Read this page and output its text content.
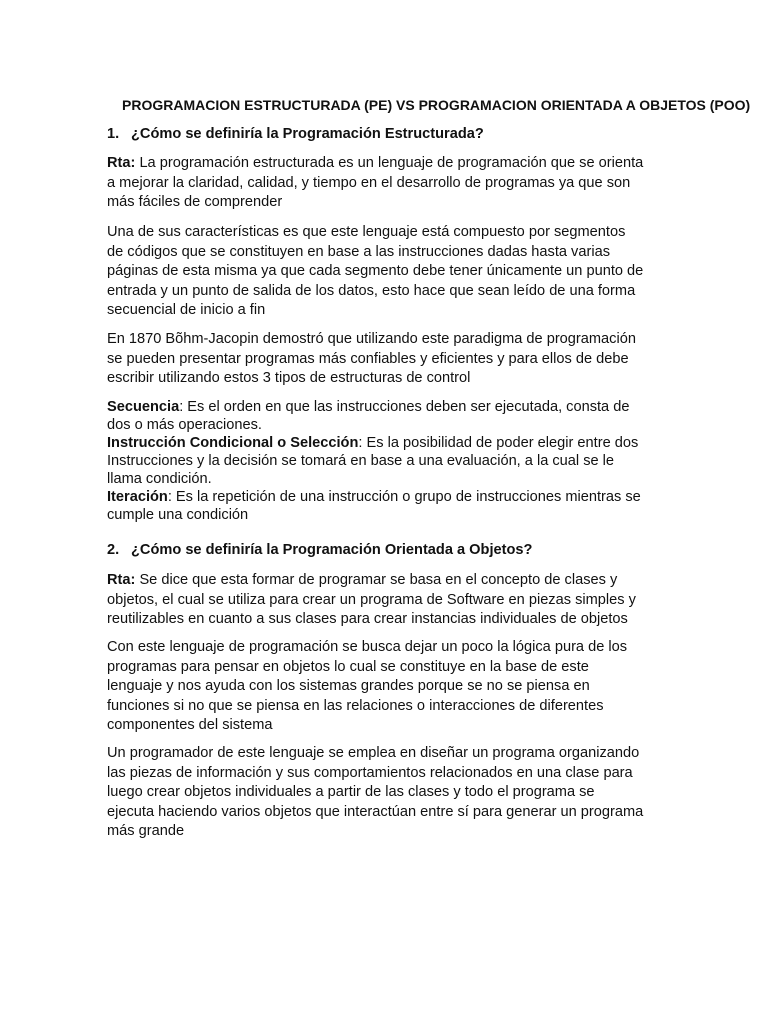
PROGRAMACION ESTRUCTURADA (PE) VS PROGRAMACION ORIENTADA A OBJETOS (POO)
1. ¿Cómo se definiría la Programación Estructurada?
Rta: La programación estructurada es un lenguaje de programación que se orienta
a mejorar la claridad, calidad, y tiempo en el desarrollo de programas ya que son
más fáciles de comprender
Una de sus características es que este lenguaje está compuesto por segmentos
de códigos que se constituyen en base a las instrucciones dadas hasta varias
páginas de esta misma ya que cada segmento debe tener únicamente un punto de
entrada y un punto de salida de los datos, esto hace que sean leído de una forma
secuencial de inicio a fin
En 1870 Bõhm-Jacopin demostró que utilizando este paradigma de programación
se pueden presentar programas más confiables y eficientes y para ellos de debe
escribir utilizando estos 3 tipos de estructuras de control
Secuencia: Es el orden en que las instrucciones deben ser ejecutada, consta de
dos o más operaciones.
Instrucción Condicional o Selección: Es la posibilidad de poder elegir entre dos
Instrucciones y la decisión se tomará en base a una evaluación, a la cual se le
llama condición.
Iteración: Es la repetición de una instrucción o grupo de instrucciones mientras se
cumple una condición
2. ¿Cómo se definiría la Programación Orientada a Objetos?
Rta: Se dice que esta formar de programar se basa en el concepto de clases y
objetos, el cual se utiliza para crear un programa de Software en piezas simples y
reutilizables en cuanto a sus clases para crear instancias individuales de objetos
Con este lenguaje de programación se busca dejar un poco la lógica pura de los
programas para pensar en objetos lo cual se constituye en la base de este
lenguaje y nos ayuda con los sistemas grandes porque se no se piensa en
funciones si no que se piensa en las relaciones o interacciones de diferentes
componentes del sistema
Un programador de este lenguaje se emplea en diseñar un programa organizando
las piezas de información y sus comportamientos relacionados en una clase para
luego crear objetos individuales a partir de las clases y todo el programa se
ejecuta haciendo varios objetos que interactúan entre sí para generar un programa
más grande
